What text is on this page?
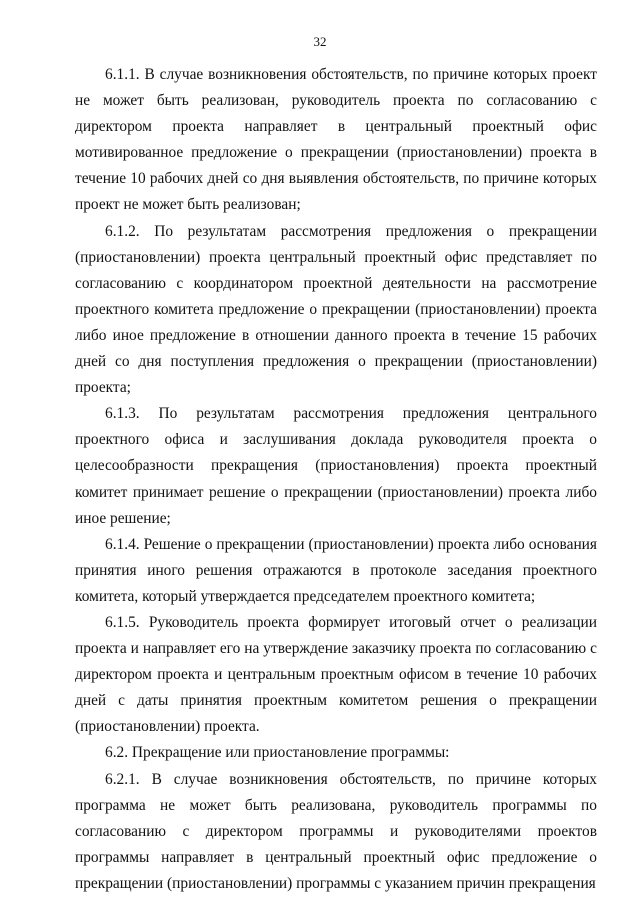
32

6.1.1. В случае возникновения обстоятельств, по причине которых проект не может быть реализован, руководитель проекта по согласованию с директором проекта направляет в центральный проектный офис мотивированное предложение о прекращении (приостановлении) проекта в течение 10 рабочих дней со дня выявления обстоятельств, по причине которых проект не может быть реализован;

6.1.2. По результатам рассмотрения предложения о прекращении (приостановлении) проекта центральный проектный офис представляет по согласованию с координатором проектной деятельности на рассмотрение проектного комитета предложение о прекращении (приостановлении) проекта либо иное предложение в отношении данного проекта в течение 15 рабочих дней со дня поступления предложения о прекращении (приостановлении) проекта;

6.1.3. По результатам рассмотрения предложения центрального проектного офиса и заслушивания доклада руководителя проекта о целесообразности прекращения (приостановления) проекта проектный комитет принимает решение о прекращении (приостановлении) проекта либо иное решение;

6.1.4. Решение о прекращении (приостановлении) проекта либо основания принятия иного решения отражаются в протоколе заседания проектного комитета, который утверждается председателем проектного комитета;

6.1.5. Руководитель проекта формирует итоговый отчет о реализации проекта и направляет его на утверждение заказчику проекта по согласованию с директором проекта и центральным проектным офисом в течение 10 рабочих дней с даты принятия проектным комитетом решения о прекращении (приостановлении) проекта.

6.2. Прекращение или приостановление программы:

6.2.1. В случае возникновения обстоятельств, по причине которых программа не может быть реализована, руководитель программы по согласованию с директором программы и руководителями проектов программы направляет в центральный проектный офис предложение о прекращении (приостановлении) программы с указанием причин прекращения
